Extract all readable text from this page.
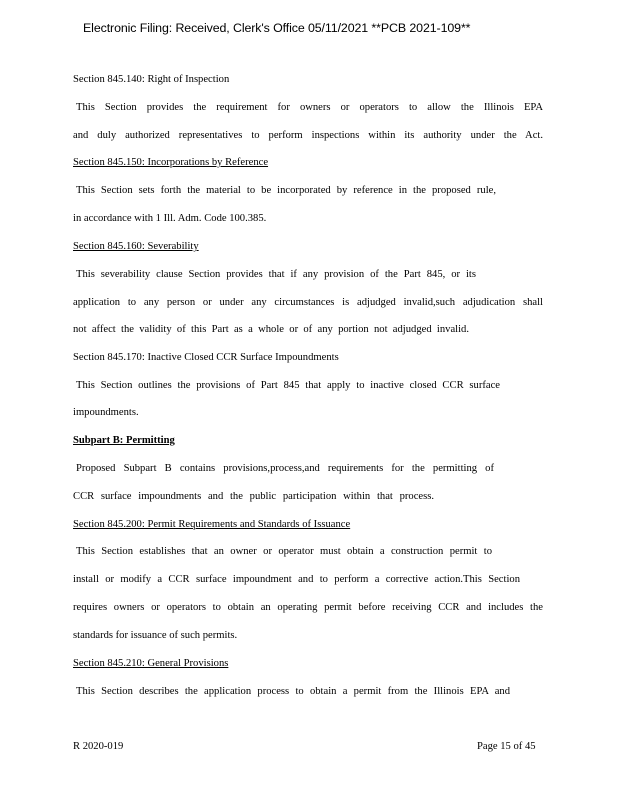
Electronic Filing: Received, Clerk's Office 05/11/2021 **PCB 2021-109**
Section 845.140: Right of Inspection
This Section provides the requirement for owners or operators to allow the Illinois EPA
and duly authorized representatives to perform inspections within its authority under the Act.
Section 845.150: Incorporations by Reference
This Section sets forth the material to be incorporated by reference in the proposed rule,
in accordance with 1 Ill. Adm. Code 100.385.
Section 845.160: Severability
This severability clause Section provides that if any provision of the Part 845, or its
application to any person or under any circumstances is adjudged invalid,such adjudication shall
not affect the validity of this Part as a whole or of any portion not adjudged invalid.
Section 845.170: Inactive Closed CCR Surface Impoundments
This Section outlines the provisions of Part 845 that apply to inactive closed CCR surface
impoundments.
Subpart B: Permitting
Proposed Subpart B contains provisions,process,and requirements for the permitting of
CCR surface impoundments and the public participation within that process.
Section 845.200: Permit Requirements and Standards of Issuance
This Section establishes that an owner or operator must obtain a construction permit to
install or modify a CCR surface impoundment and to perform a corrective action.This Section
requires owners or operators to obtain an operating permit before receiving CCR and includes the
standards for issuance of such permits.
Section 845.210: General Provisions
This Section describes the application process to obtain a permit from the Illinois EPA and
R 2020-019	Page 15 of 45
